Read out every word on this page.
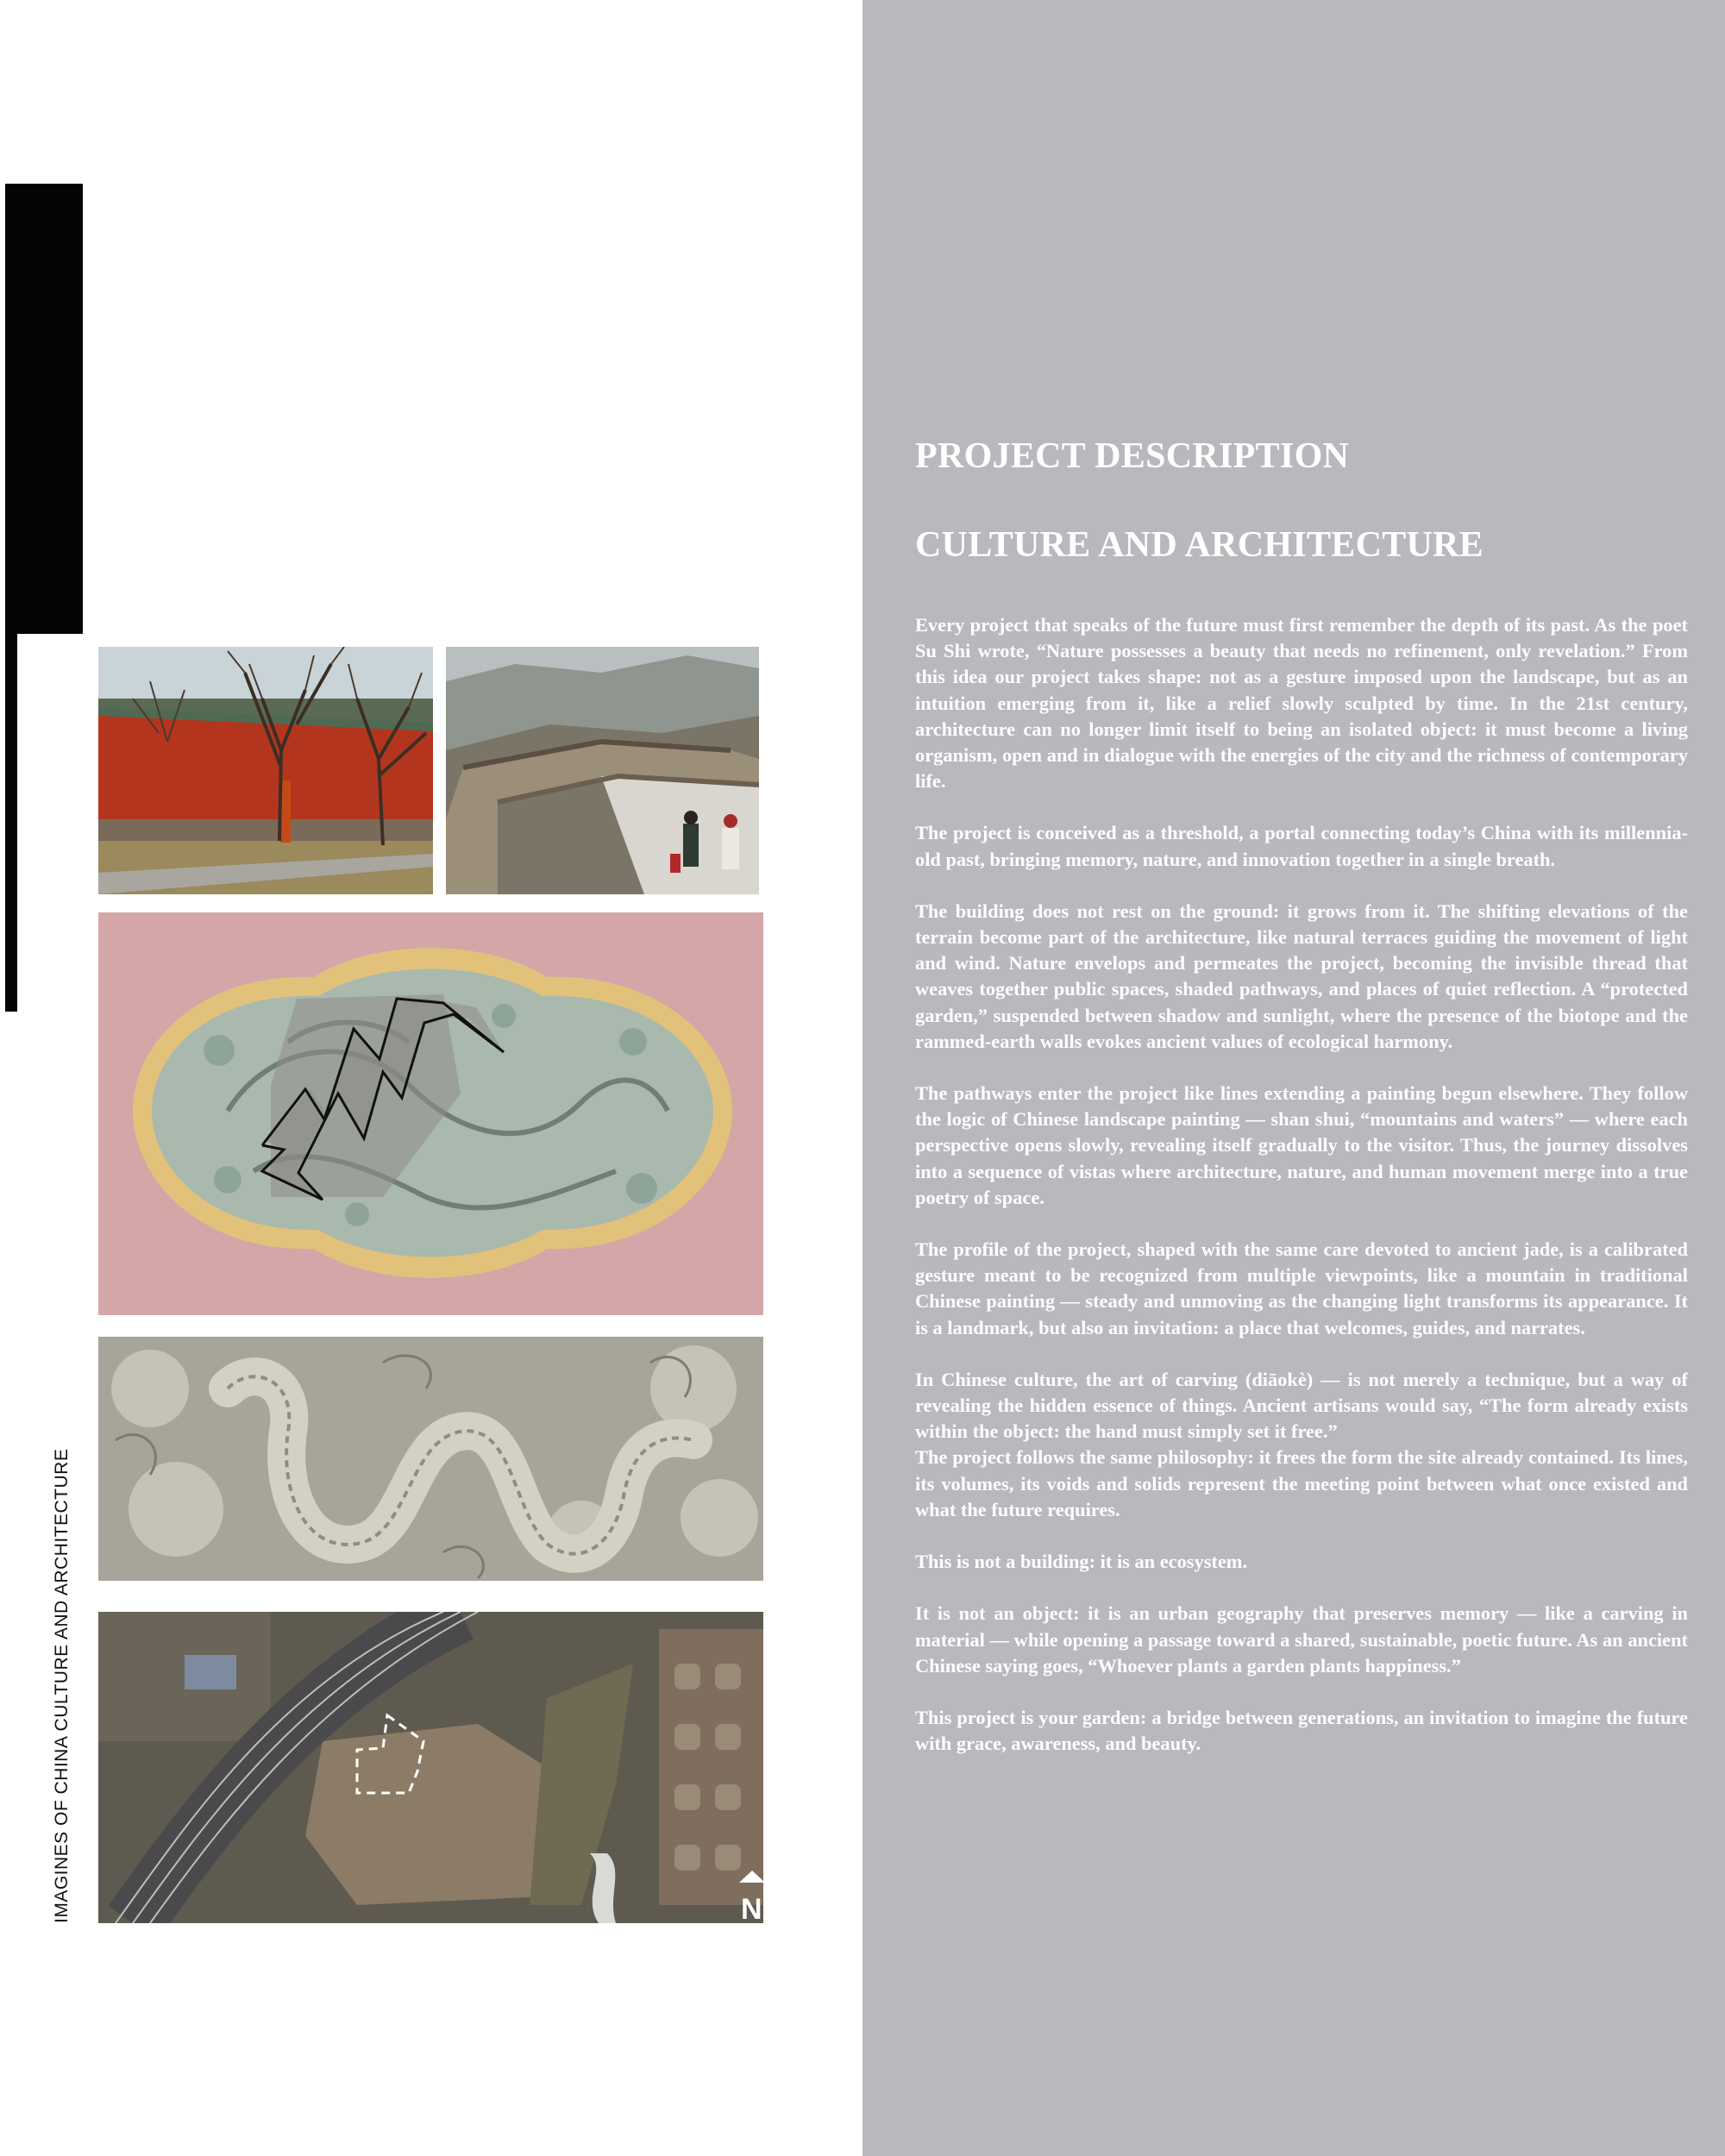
IMAGINES OF CHINA CULTURE AND ARCHITECTURE	N
PROJECT DESCRIPTION
CULTURE AND ARCHITECTURE

Every project that speaks of the future must first remember the depth of its past. As the poet Su Shi wrote, “Nature possesses a beauty that needs no refinement, only revelation.” From this idea our project takes shape: not as a gesture imposed upon the landscape, but as an intuition emerging from it, like a relief slowly sculpted by time. In the 21st century, architecture can no longer limit itself to being an isolated object: it must become a living organism, open and in dialogue with the energies of the city and the richness of contemporary life.

The project is conceived as a threshold, a portal connecting today’s China with its millennia-old past, bringing memory, nature, and innovation together in a single breath.

The building does not rest on the ground: it grows from it. The shifting elevations of the terrain become part of the architecture, like natural terraces guiding the movement of light and wind. Nature envelops and permeates the project, becoming the invisible thread that weaves together public spaces, shaded pathways, and places of quiet reflection. A “protected garden,” suspended between shadow and sunlight, where the presence of the biotope and the rammed-earth walls evokes ancient values of ecological harmony.

The pathways enter the project like lines extending a painting begun elsewhere. They follow the logic of Chinese landscape painting — shan shui, “mountains and waters” — where each perspective opens slowly, revealing itself gradually to the visitor. Thus, the journey dissolves into a sequence of vistas where architecture, nature, and human movement merge into a true poetry of space.

The profile of the project, shaped with the same care devoted to ancient jade, is a calibrated gesture meant to be recognized from multiple viewpoints, like a mountain in traditional Chinese painting — steady and unmoving as the changing light transforms its appearance. It is a landmark, but also an invitation: a place that welcomes, guides, and narrates.

In Chinese culture, the art of carving (diāokè) — is not merely a technique, but a way of revealing the hidden essence of things. Ancient artisans would say, “The form already exists within the object: the hand must simply set it free.”

The project follows the same philosophy: it frees the form the site already contained. Its lines, its volumes, its voids and solids represent the meeting point between what once existed and what the future requires.

This is not a building: it is an ecosystem.

It is not an object: it is an urban geography that preserves memory — like a carving in material — while opening a passage toward a shared, sustainable, poetic future. As an ancient Chinese saying goes, “Whoever plants a garden plants happiness.”

This project is your garden: a bridge between generations, an invitation to imagine the future with grace, awareness, and beauty.
